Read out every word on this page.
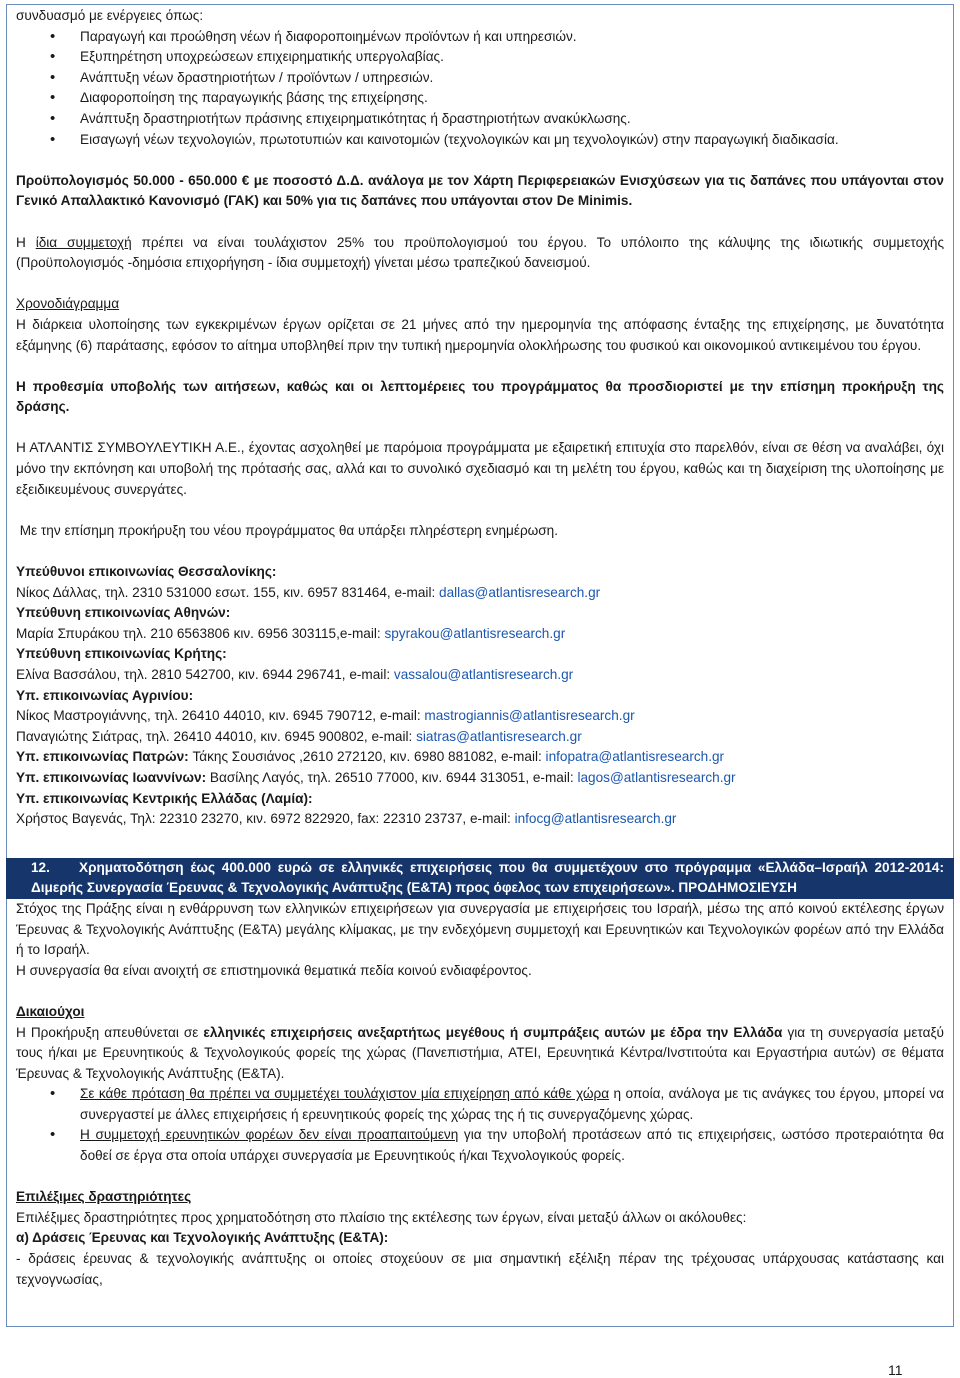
συνδυασμό με ενέργειες όπως:

• Παραγωγή και προώθηση νέων ή διαφοροποιημένων προϊόντων ή και υπηρεσιών.
• Εξυπηρέτηση υποχρεώσεων επιχειρηματικής υπεργολαβίας.
• Ανάπτυξη νέων δραστηριοτήτων / προϊόντων / υπηρεσιών.
• Διαφοροποίηση της παραγωγικής βάσης της επιχείρησης.
• Ανάπτυξη δραστηριοτήτων πράσινης επιχειρηματικότητας ή δραστηριοτήτων ανακύκλωσης.
• Εισαγωγή νέων τεχνολογιών, πρωτοτυπιών και καινοτομιών (τεχνολογικών και μη τεχνολογικών) στην παραγωγική διαδικασία.

Προϋπολογισμός 50.000 - 650.000 € με ποσοστό Δ.Δ. ανάλογα με τον Χάρτη Περιφερειακών Ενισχύσεων για τις δαπάνες που υπάγονται στον Γενικό Απαλλακτικό Κανονισμό (ΓΑΚ) και 50% για τις δαπάνες που υπάγονται στον De Minimis.

Η ίδια συμμετοχή πρέπει να είναι τουλάχιστον 25% του προϋπολογισμού του έργου. Το υπόλοιπο της κάλυψης της ιδιωτικής συμμετοχής (Προϋπολογισμός -δημόσια επιχορήγηση - ίδια συμμετοχή) γίνεται μέσω τραπεζικού δανεισμού.

Χρονοδιάγραμμα

Η διάρκεια υλοποίησης των εγκεκριμένων έργων ορίζεται σε 21 μήνες από την ημερομηνία της απόφασης ένταξης της επιχείρησης, με δυνατότητα εξάμηνης (6) παράτασης, εφόσον το αίτημα υποβληθεί πριν την τυπική ημερομηνία ολοκλήρωσης του φυσικού και οικονομικού αντικειμένου του έργου.

Η προθεσμία υποβολής των αιτήσεων, καθώς και οι λεπτομέρειες του προγράμματος θα προσδιοριστεί με την επίσημη προκήρυξη της δράσης.

Η ΑΤΛΑΝΤΙΣ ΣΥΜΒΟΥΛΕΥΤΙΚΗ Α.Ε., έχοντας ασχοληθεί με παρόμοια προγράμματα με εξαιρετική επιτυχία στο παρελθόν, είναι σε θέση να αναλάβει, όχι μόνο την εκπόνηση και υποβολή της πρότασής σας, αλλά και το συνολικό σχεδιασμό και τη μελέτη του έργου, καθώς και τη διαχείριση της υλοποίησης με εξειδικευμένους συνεργάτες.

Με την επίσημη προκήρυξη του νέου προγράμματος θα υπάρξει πληρέστερη ενημέρωση.

Υπεύθυνοι επικοινωνίας Θεσσαλονίκης:

Νίκος Δάλλας, τηλ. 2310 531000 εσωτ. 155, κιν. 6957 831464, e-mail: dallas@atlantisresearch.gr

Υπεύθυνη επικοινωνίας Αθηνών:

Μαρία Σπυράκου τηλ. 210 6563806 κιν. 6956 303115,e-mail: spyrakou@atlantisresearch.gr

Υπεύθυνη επικοινωνίας Κρήτης:

Ελίνα Βασσάλου, τηλ. 2810 542700, κιν. 6944 296741, e-mail: vassalou@atlantisresearch.gr

Υπ. επικοινωνίας Αγρινίου:

Νίκος Μαστρογιάννης, τηλ. 26410 44010, κιν. 6945 790712, e-mail: mastrogiannis@atlantisresearch.gr

Παναγιώτης Σιάτρας, τηλ. 26410 44010, κιν. 6945 900802, e-mail: siatras@atlantisresearch.gr

Υπ. επικοινωνίας Πατρών: Τάκης Σουσιάνος ,2610 272120, κιν. 6980 881082, e-mail: infopatra@atlantisresearch.gr

Υπ. επικοινωνίας Ιωαννίνων: Βασίλης Λαγός, τηλ. 26510 77000, κιν. 6944 313051, e-mail: lagos@atlantisresearch.gr

Υπ. επικοινωνίας Κεντρικής Ελλάδας (Λαμία):

Χρήστος Βαγενάς, Τηλ: 22310 23270, κιν. 6972 822920, fax: 22310 23737, e-mail: infocg@atlantisresearch.gr

12. Χρηματοδότηση έως 400.000 ευρώ σε ελληνικές επιχειρήσεις που θα συμμετέχουν στο πρόγραμμα «Ελλάδα–Ισραήλ 2012-2014: Διμερής Συνεργασία Έρευνας & Τεχνολογικής Ανάπτυξης (Ε&ΤΑ) προς όφελος των επιχειρήσεων». ΠΡΟΔΗΜΟΣΙΕΥΣΗ

Στόχος της Πράξης είναι η ενθάρρυνση των ελληνικών επιχειρήσεων για συνεργασία με επιχειρήσεις του Ισραήλ, μέσω της από κοινού εκτέλεσης έργων Έρευνας & Τεχνολογικής Ανάπτυξης (Ε&ΤΑ) μεγάλης κλίμακας, με την ενδεχόμενη συμμετοχή και Ερευνητικών και Τεχνολογικών φορέων από την Ελλάδα ή το Ισραήλ.

Η συνεργασία θα είναι ανοιχτή σε επιστημονικά θεματικά πεδία κοινού ενδιαφέροντος.

Δικαιούχοι

Η Προκήρυξη απευθύνεται σε ελληνικές επιχειρήσεις ανεξαρτήτως μεγέθους ή συμπράξεις αυτών με έδρα την Ελλάδα για τη συνεργασία μεταξύ τους ή/και με Ερευνητικούς & Τεχνολογικούς φορείς της χώρας (Πανεπιστήμια, ΑΤΕΙ, Ερευνητικά Κέντρα/Ινστιτούτα και Εργαστήρια αυτών) σε θέματα Έρευνας & Τεχνολογικής Ανάπτυξης (Ε&ΤΑ).

• Σε κάθε πρόταση θα πρέπει να συμμετέχει τουλάχιστον μία επιχείρηση από κάθε χώρα η οποία, ανάλογα με τις ανάγκες του έργου, μπορεί να συνεργαστεί με άλλες επιχειρήσεις ή ερευνητικούς φορείς της χώρας της ή τις συνεργαζόμενης χώρας.
• Η συμμετοχή ερευνητικών φορέων δεν είναι προαπαιτούμενη για την υποβολή προτάσεων από τις επιχειρήσεις, ωστόσο προτεραιότητα θα δοθεί σε έργα στα οποία υπάρχει συνεργασία με Ερευνητικούς ή/και Τεχνολογικούς φορείς.

Επιλέξιμες δραστηριότητες

Επιλέξιμες δραστηριότητες προς χρηματοδότηση στο πλαίσιο της εκτέλεσης των έργων, είναι μεταξύ άλλων οι ακόλουθες:

α) Δράσεις Έρευνας και Τεχνολογικής Ανάπτυξης (Ε&ΤΑ):

- δράσεις έρευνας & τεχνολογικής ανάπτυξης οι οποίες στοχεύουν σε μια σημαντική εξέλιξη πέραν της τρέχουσας υπάρχουσας κατάστασης και τεχνογνωσίας,

11
